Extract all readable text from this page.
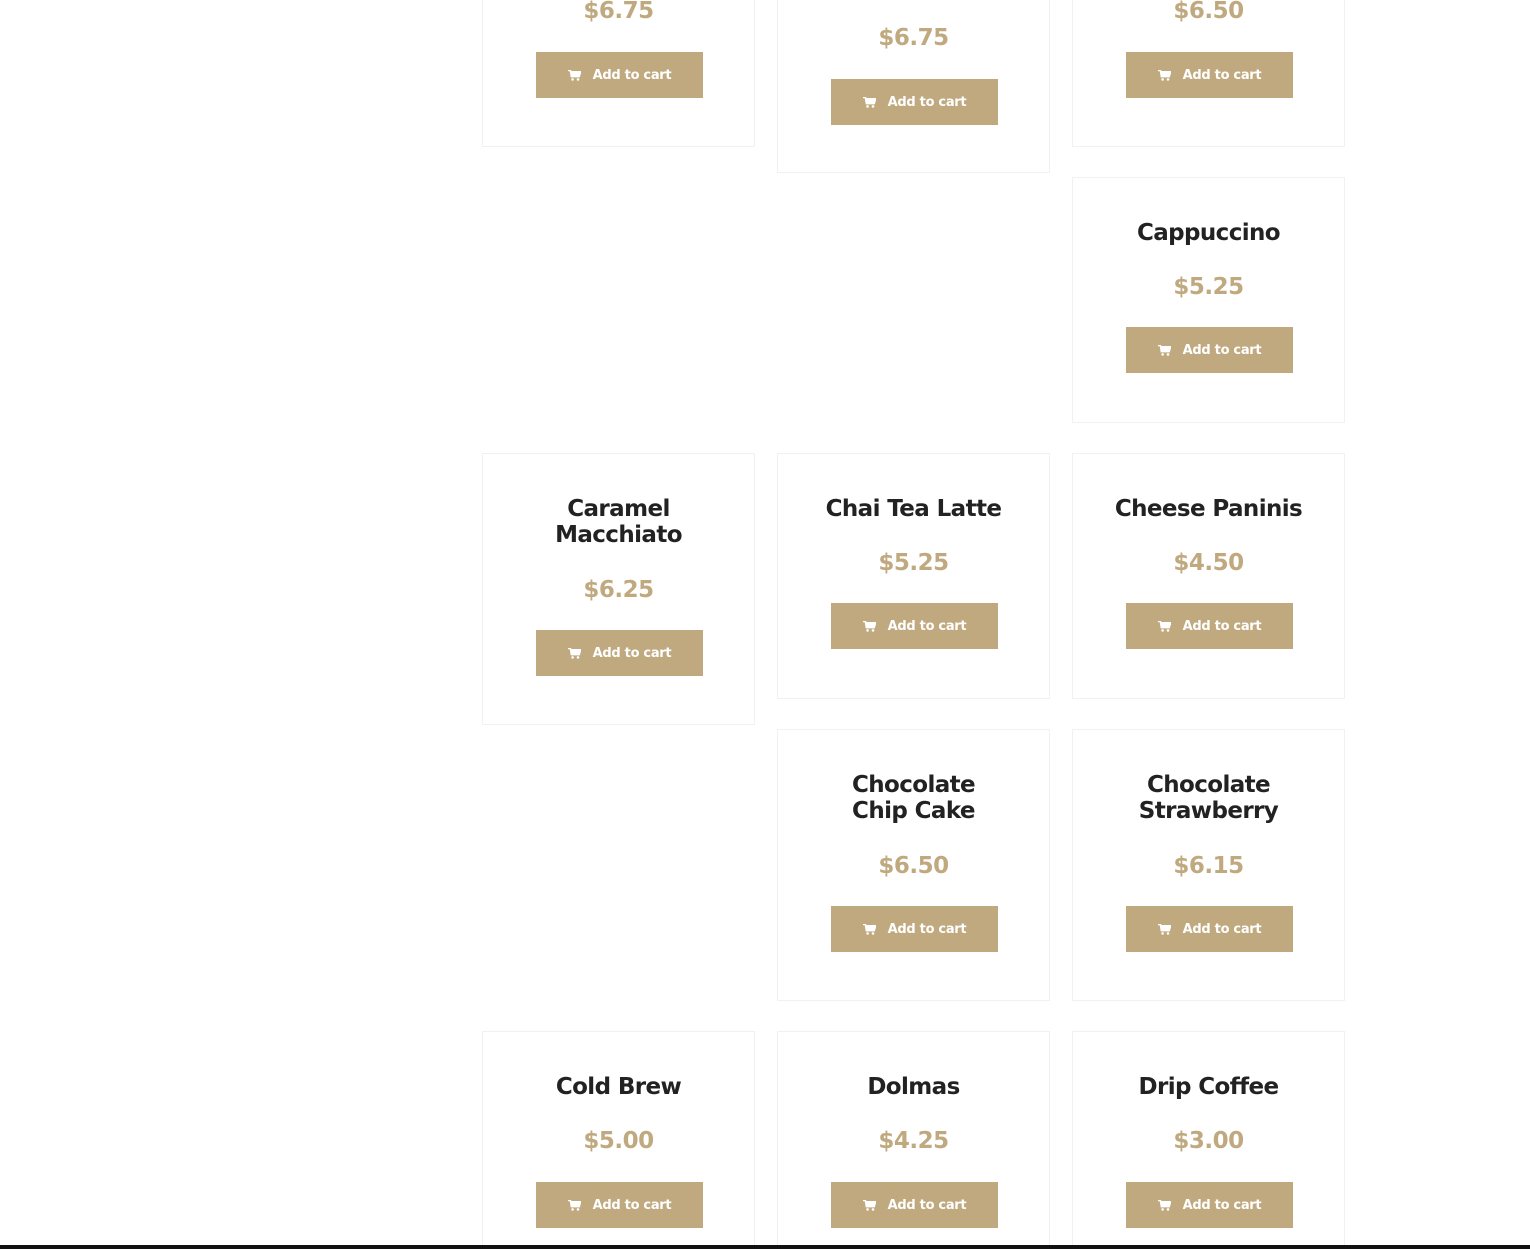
$6.75
Add to cart
$6.75
Add to cart
$6.50
Add to cart
Cappuccino
$5.25
Add to cart
Caramel Macchiato
$6.25
Add to cart
Chai Tea Latte
$5.25
Add to cart
Cheese Paninis
$4.50
Add to cart
Chocolate Chip Cake
$6.50
Add to cart
Chocolate Strawberry
$6.15
Add to cart
Cold Brew
$5.00
Add to cart
Dolmas
$4.25
Add to cart
Drip Coffee
$3.00
Add to cart
